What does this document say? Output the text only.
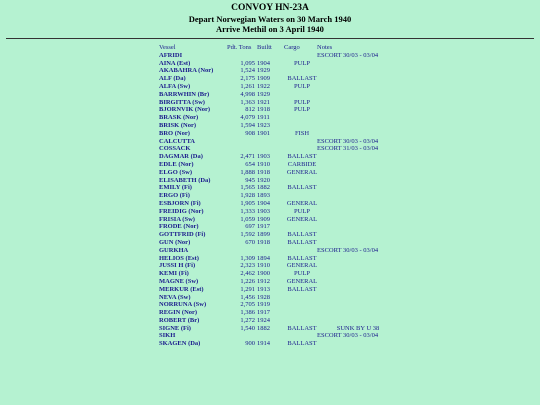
CONVOY HN-23A
Depart Norwegian Waters on 30 March 1940
Arrive Methil on 3 April 1940
Vessel	Pdt. Tons Builtt	Cargo	Notes
AFRIDI	ESCORT 30/03 - 03/04
AINA (Est)	1,095 1904	PULP
AKABAHRA (Nor)	1,524 1929
ALF (Da)	2,175 1909	BALLAST
ALFA (Sw)	1,261 1922	PULP
BARRWHIN (Br)	4,998 1929
BIRGITTA (Sw)	1,363 1921	PULP
BJORNVIK (Nor)	812 1918	PULP
BRASK (Nor)	4,079 1911
BRISK (Nor)	1,594 1923
BRO (Nor)	908 1901	FISH
CALCUTTA	ESCORT 30/03 - 03/04
COSSACK	ESCORT 31/03 - 03/04
DAGMAR (Da)	2,471 1903	BALLAST
EDLE (Nor)	654 1910	CARBIDE
ELGO (Sw)	1,888 1918	GENERAL
ELISABETH (Da)	945 1920
EMILY (Fi)	1,565 1882	BALLAST
ERGO (Fi)	1,928 1893
ESBJORN (Fi)	1,905 1904	GENERAL
FREIDIG (Nor)	1,333 1903	PULP
FRISIA (Sw)	1,059 1909	GENERAL
FRODE (Nor)	697 1917
GOTTFRID (Fi)	1,592 1899	BALLAST
GUN (Nor)	670 1918	BALLAST
GURKHA	ESCORT 30/03 - 03/04
HELIOS (Est)	1,309 1894	BALLAST
JUSSI H (Fi)	2,323 1910	GENERAL
KEMI (Fi)	2,462 1900	PULP
MAGNE (Sw)	1,226 1912	GENERAL
MERKUR (Est)	1,291 1913	BALLAST
NEVA (Sw)	1,456 1928
NORRUNA (Sw)	2,705 1919
REGIN (Nor)	1,386 1917
ROBERT (Br)	1,272 1924
SIGNE (Fi)	1,540 1882	BALLAST	SUNK BY U 38
SIKH	ESCORT 30/03 - 03/04
SKAGEN (Da)	900 1914	BALLAST
